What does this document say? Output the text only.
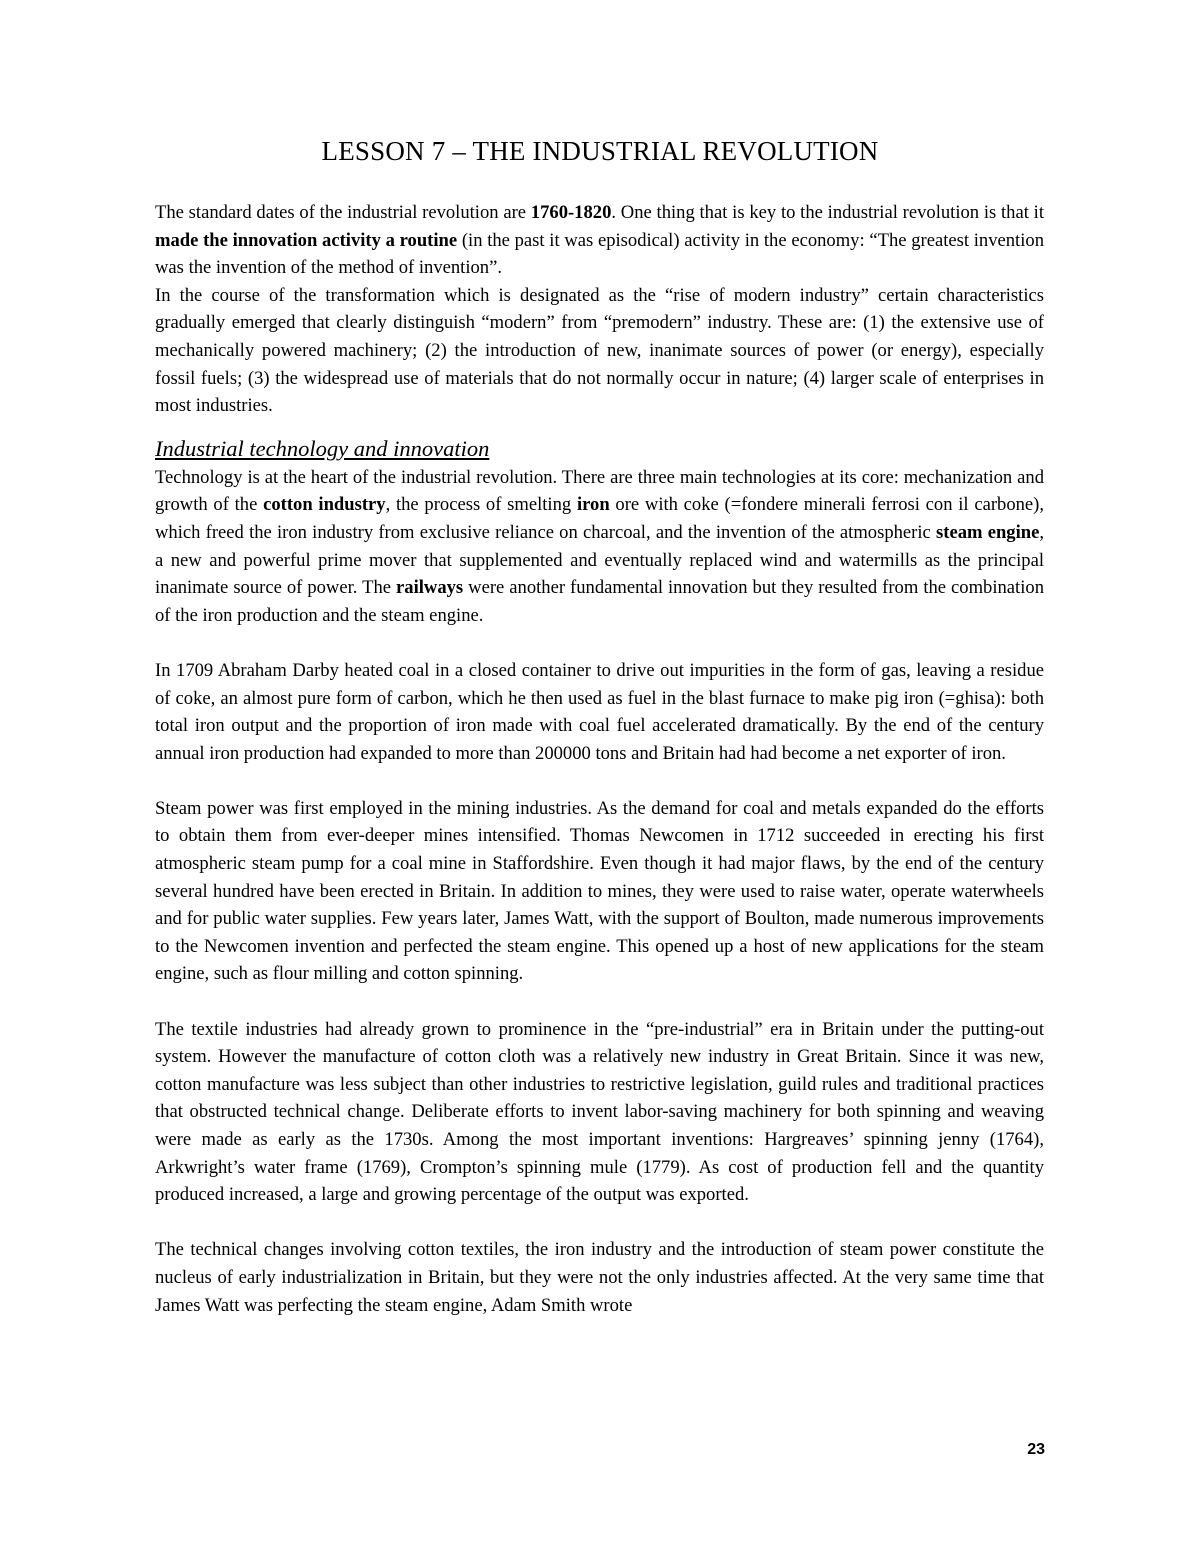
LESSON 7 – THE INDUSTRIAL REVOLUTION

The standard dates of the industrial revolution are 1760-1820. One thing that is key to the industrial revolution is that it made the innovation activity a routine (in the past it was episodical) activity in the economy: “The greatest invention was the invention of the method of invention”.

In the course of the transformation which is designated as the “rise of modern industry” certain characteristics gradually emerged that clearly distinguish “modern” from “premodern” industry. These are: (1) the extensive use of mechanically powered machinery; (2) the introduction of new, inanimate sources of power (or energy), especially fossil fuels; (3) the widespread use of materials that do not normally occur in nature; (4) larger scale of enterprises in most industries.

Industrial technology and innovation

Technology is at the heart of the industrial revolution. There are three main technologies at its core: mechanization and growth of the cotton industry, the process of smelting iron ore with coke (=fondere minerali ferrosi con il carbone), which freed the iron industry from exclusive reliance on charcoal, and the invention of the atmospheric steam engine, a new and powerful prime mover that supplemented and eventually replaced wind and watermills as the principal inanimate source of power. The railways were another fundamental innovation but they resulted from the combination of the iron production and the steam engine.

In 1709 Abraham Darby heated coal in a closed container to drive out impurities in the form of gas, leaving a residue of coke, an almost pure form of carbon, which he then used as fuel in the blast furnace to make pig iron (=ghisa): both total iron output and the proportion of iron made with coal fuel accelerated dramatically. By the end of the century annual iron production had expanded to more than 200000 tons and Britain had had become a net exporter of iron.

Steam power was first employed in the mining industries. As the demand for coal and metals expanded do the efforts to obtain them from ever-deeper mines intensified. Thomas Newcomen in 1712 succeeded in erecting his first atmospheric steam pump for a coal mine in Staffordshire. Even though it had major flaws, by the end of the century several hundred have been erected in Britain. In addition to mines, they were used to raise water, operate waterwheels and for public water supplies. Few years later, James Watt, with the support of Boulton, made numerous improvements to the Newcomen invention and perfected the steam engine. This opened up a host of new applications for the steam engine, such as flour milling and cotton spinning.

The textile industries had already grown to prominence in the “pre-industrial” era in Britain under the putting-out system. However the manufacture of cotton cloth was a relatively new industry in Great Britain. Since it was new, cotton manufacture was less subject than other industries to restrictive legislation, guild rules and traditional practices that obstructed technical change. Deliberate efforts to invent labor-saving machinery for both spinning and weaving were made as early as the 1730s. Among the most important inventions: Hargreaves’ spinning jenny (1764), Arkwright’s water frame (1769), Crompton’s spinning mule (1779). As cost of production fell and the quantity produced increased, a large and growing percentage of the output was exported.

The technical changes involving cotton textiles, the iron industry and the introduction of steam power constitute the nucleus of early industrialization in Britain, but they were not the only industries affected. At the very same time that James Watt was perfecting the steam engine, Adam Smith wrote

23
